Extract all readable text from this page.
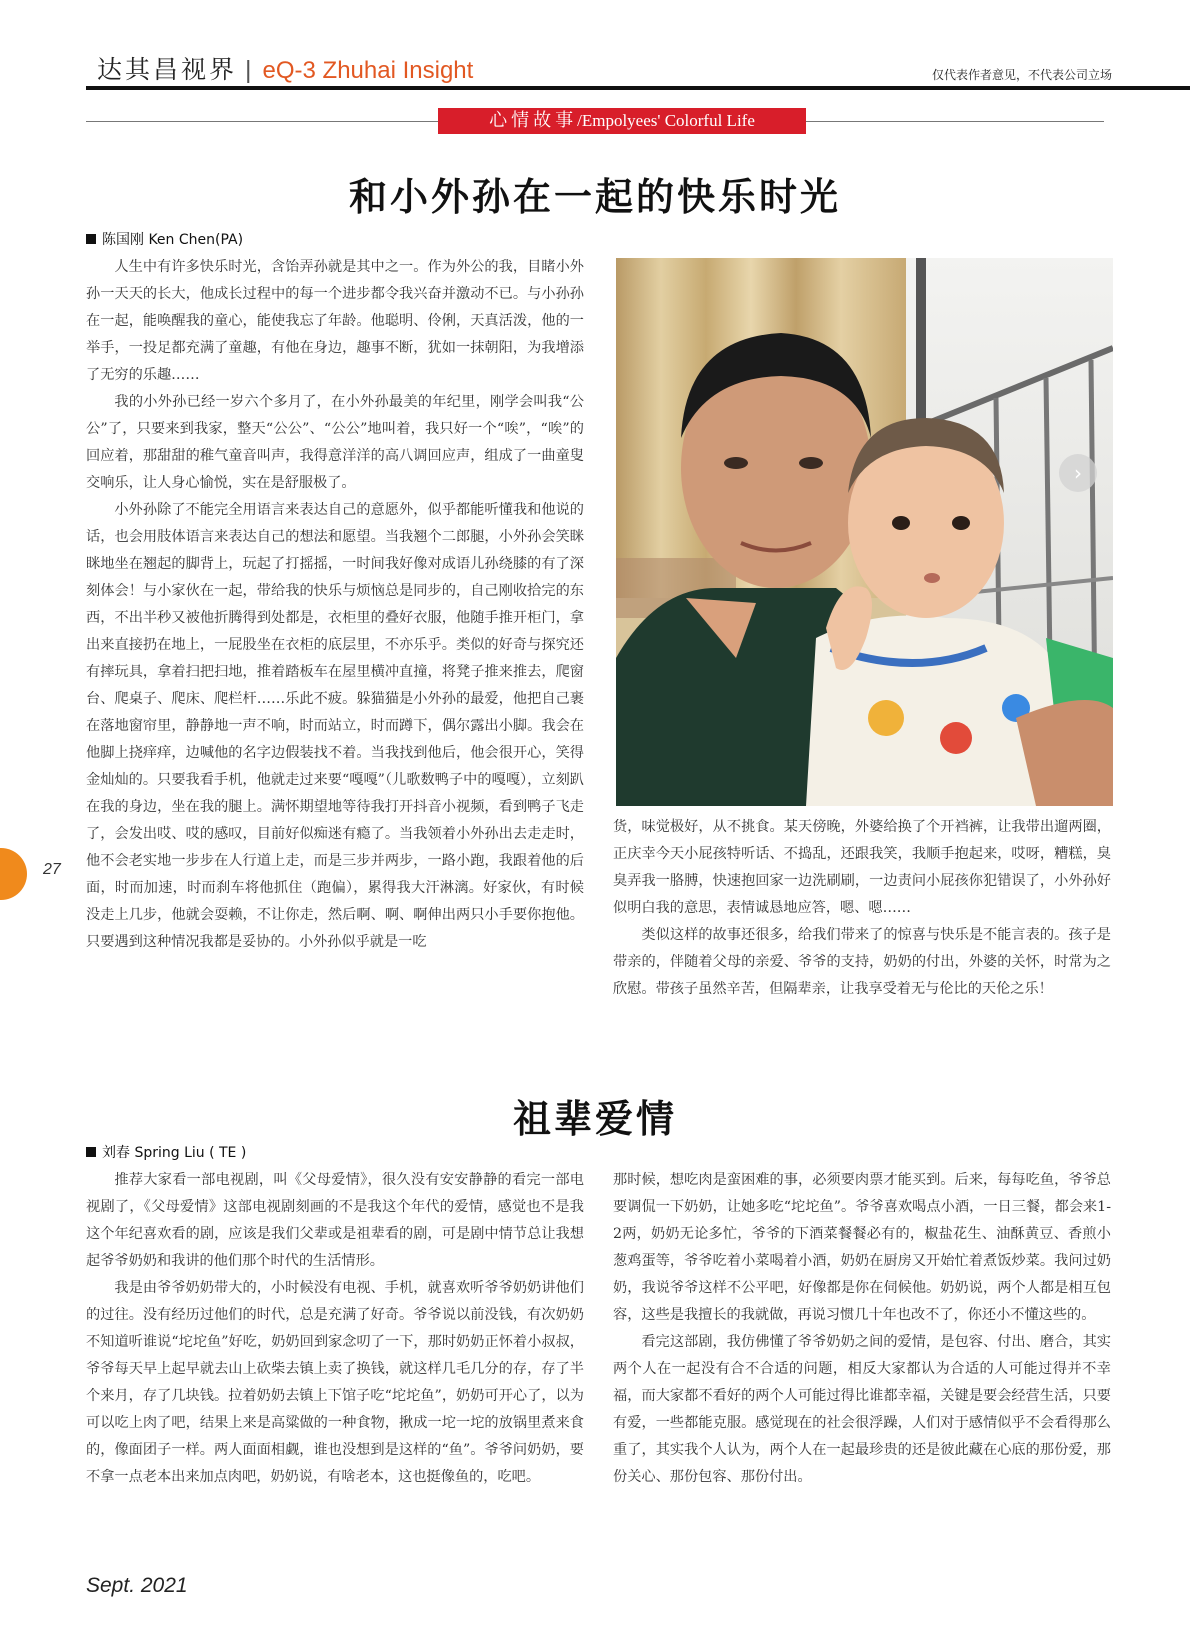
达其昌视界 | eQ-3 Zhuhai Insight	仅代表作者意见，不代表公司立场
心情故事/Empolyees' Colorful Life
和小外孙在一起的快乐时光
陈国刚 Ken Chen(PA)

人生中有许多快乐时光，含饴弄孙就是其中之一。作为外公的我，目睹小外孙一天天的长大，他成长过程中的每一个进步都令我兴奋并激动不已。与小孙孙在一起，能唤醒我的童心，能使我忘了年龄。他聪明、伶俐，天真活泼，他的一举手，一投足都充满了童趣，有他在身边，趣事不断，犹如一抹朝阳，为我增添了无穷的乐趣……

我的小外孙已经一岁六个多月了，在小外孙最美的年纪里，刚学会叫我“公公”了，只要来到我家，整天“公公”、“公公”地叫着，我只好一个“唉”，“唉”的回应着，那甜甜的稚气童音叫声，我得意洋洋的高八调回应声，组成了一曲童叟交响乐，让人身心愉悦，实在是舒服极了。

小外孙除了不能完全用语言来表达自己的意愿外，似乎都能听懂我和他说的话，也会用肢体语言来表达自己的想法和愿望。当我翘个二郎腿，小外孙会笑眯眯地坐在翘起的脚背上，玩起了打摇摇，一时间我好像对成语儿孙绕膝的有了深刻体会！与小家伙在一起，带给我的快乐与烦恼总是同步的，自己刚收拾完的东西，不出半秒又被他折腾得到处都是，衣柜里的叠好衣服，他随手推开柜门，拿出来直接扔在地上，一屁股坐在衣柜的底层里，不亦乐乎。类似的好奇与探究还有摔玩具，拿着扫把扫地，推着踏板车在屋里横冲直撞，将凳子推来推去，爬窗台、爬桌子、爬床、爬栏杆……乐此不疲。躲猫猫是小外孙的最爱，他把自己裹在落地窗帘里，静静地一声不响，时而站立，时而蹲下，偶尔露出小脚。我会在他脚上挠痒痒，边喊他的名字边假装找不着。当我找到他后，他会很开心，笑得金灿灿的。只要我看手机，他就走过来要“嘎嘎”（儿歌数鸭子中的嘎嘎），立刻趴在我的身边，坐在我的腿上。满怀期望地等待我打开抖音小视频，看到鸭子飞走了，会发出哎、哎的感叹，目前好似痴迷有瘾了。当我领着小外孙出去走走时，他不会老实地一步步在人行道上走，而是三步并两步，一路小跑，我跟着他的后面，时而加速，时而刹车将他抓住（跑偏），累得我大汗淋漓。好家伙，有时候没走上几步，他就会耍赖，不让你走，然后啊、啊、啊伸出两只小手要你抱他。只要遇到这种情况我都是妥协的。小外孙似乎就是一吃

›

货，味觉极好，从不挑食。某天傍晚，外婆给换了个开裆裤，让我带出遛两圈，正庆幸今天小屁孩特听话、不捣乱，还跟我笑，我顺手抱起来，哎呀，糟糕，臭臭弄我一胳膊，快速抱回家一边洗刷刷，一边责问小屁孩你犯错误了，小外孙好似明白我的意思，表情诚恳地应答，嗯、嗯……

类似这样的故事还很多，给我们带来了的惊喜与快乐是不能言表的。孩子是带亲的，伴随着父母的亲爱、爷爷的支持，奶奶的付出，外婆的关怀，时常为之欣慰。带孩子虽然辛苦，但隔辈亲，让我享受着无与伦比的天伦之乐！

祖辈爱情
刘春 Spring Liu ( TE )

推荐大家看一部电视剧，叫《父母爱情》，很久没有安安静静的看完一部电视剧了，《父母爱情》这部电视剧刻画的不是我这个年代的爱情，感觉也不是我这个年纪喜欢看的剧，应该是我们父辈或是祖辈看的剧，可是剧中情节总让我想起爷爷奶奶和我讲的他们那个时代的生活情形。

我是由爷爷奶奶带大的，小时候没有电视、手机，就喜欢听爷爷奶奶讲他们的过往。没有经历过他们的时代，总是充满了好奇。爷爷说以前没钱，有次奶奶不知道听谁说“坨坨鱼”好吃，奶奶回到家念叨了一下，那时奶奶正怀着小叔叔，爷爷每天早上起早就去山上砍柴去镇上卖了换钱，就这样几毛几分的存，存了半个来月，存了几块钱。拉着奶奶去镇上下馆子吃“坨坨鱼”，奶奶可开心了，以为可以吃上肉了吧，结果上来是高粱做的一种食物，揪成一坨一坨的放锅里煮来食的，像面团子一样。两人面面相觑，谁也没想到是这样的“鱼”。爷爷问奶奶，要不拿一点老本出来加点肉吧，奶奶说，有啥老本，这也挺像鱼的，吃吧。

那时候，想吃肉是蛮困难的事，必须要肉票才能买到。后来，每每吃鱼，爷爷总要调侃一下奶奶，让她多吃“坨坨鱼”。爷爷喜欢喝点小酒，一日三餐，都会来1-2两，奶奶无论多忙，爷爷的下酒菜餐餐必有的，椒盐花生、油酥黄豆、香煎小葱鸡蛋等，爷爷吃着小菜喝着小酒，奶奶在厨房又开始忙着煮饭炒菜。我问过奶奶，我说爷爷这样不公平吧，好像都是你在伺候他。奶奶说，两个人都是相互包容，这些是我擅长的我就做，再说习惯几十年也改不了，你还小不懂这些的。

看完这部剧，我仿佛懂了爷爷奶奶之间的爱情，是包容、付出、磨合，其实两个人在一起没有合不合适的问题，相反大家都认为合适的人可能过得并不幸福，而大家都不看好的两个人可能过得比谁都幸福，关键是要会经营生活，只要有爱，一些都能克服。感觉现在的社会很浮躁，人们对于感情似乎不会看得那么重了，其实我个人认为，两个人在一起最珍贵的还是彼此藏在心底的那份爱，那份关心、那份包容、那份付出。

27
Sept. 2021
